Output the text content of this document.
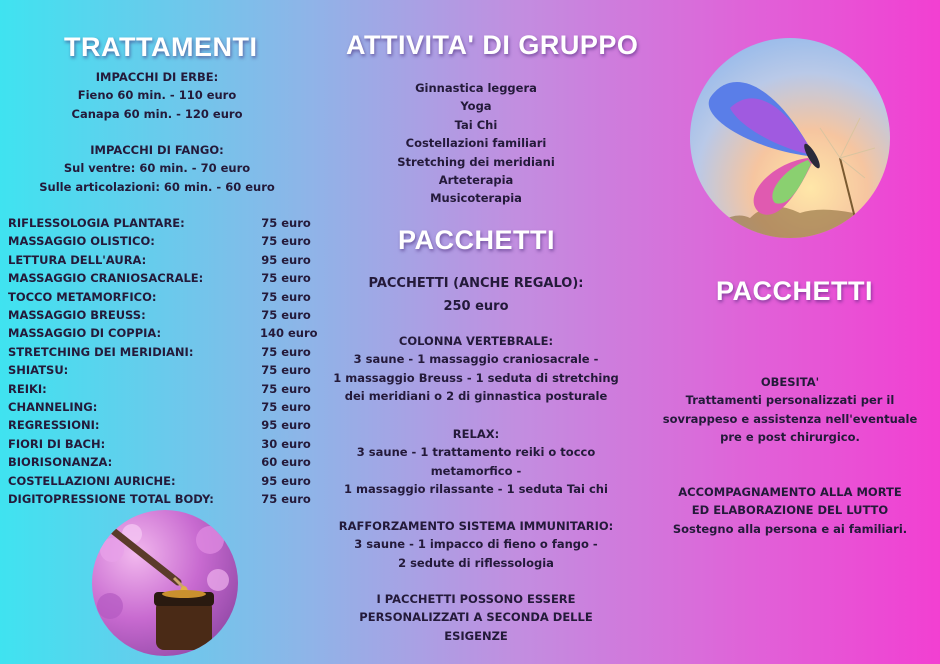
TRATTAMENTI
IMPACCHI DI ERBE:
Fieno 60 min. - 110 euro
Canapa 60 min. - 120 euro
IMPACCHI DI FANGO:
Sul ventre: 60 min. - 70 euro
Sulle articolazioni: 60 min. - 60 euro
RIFLESSOLOGIA PLANTARE:	75 euro
MASSAGGIO OLISTICO:	75 euro
LETTURA DELL'AURA:	95 euro
MASSAGGIO CRANIOSACRALE:	75 euro
TOCCO METAMORFICO:	75 euro
MASSAGGIO BREUSS:	75 euro
MASSAGGIO DI COPPIA:	140 euro
STRETCHING DEI MERIDIANI:	75 euro
SHIATSU:	75 euro
REIKI:	75 euro
CHANNELING:	75 euro
REGRESSIONI:	95 euro
FIORI DI BACH:	30 euro
BIORISONANZA:	60 euro
COSTELLAZIONI AURICHE:	95 euro
DIGITOPRESSIONE TOTAL BODY:	75 euro
ATTIVITA' DI GRUPPO
Ginnastica leggera
Yoga
Tai Chi
Costellazioni familiari
Stretching dei meridiani
Arteterapia
Musicoterapia
PACCHETTI
PACCHETTI (ANCHE REGALO):
250 euro
COLONNA VERTEBRALE:
3 saune - 1 massaggio craniosacrale -
1 massaggio Breuss - 1 seduta di stretching
dei meridiani o 2 di ginnastica posturale
RELAX:
3 saune - 1 trattamento reiki o tocco
metamorfico -
1 massaggio rilassante - 1 seduta Tai chi
RAFFORZAMENTO SISTEMA IMMUNITARIO:
3 saune - 1 impacco di fieno o fango -
2 sedute di riflessologia
I PACCHETTI POSSONO ESSERE
PERSONALIZZATI A SECONDA DELLE
ESIGENZE
PACCHETTI
OBESITA'
Trattamenti personalizzati per il
sovrappeso e assistenza nell'eventuale
pre e post chirurgico.
ACCOMPAGNAMENTO ALLA MORTE
ED ELABORAZIONE DEL LUTTO
Sostegno alla persona e ai familiari.
